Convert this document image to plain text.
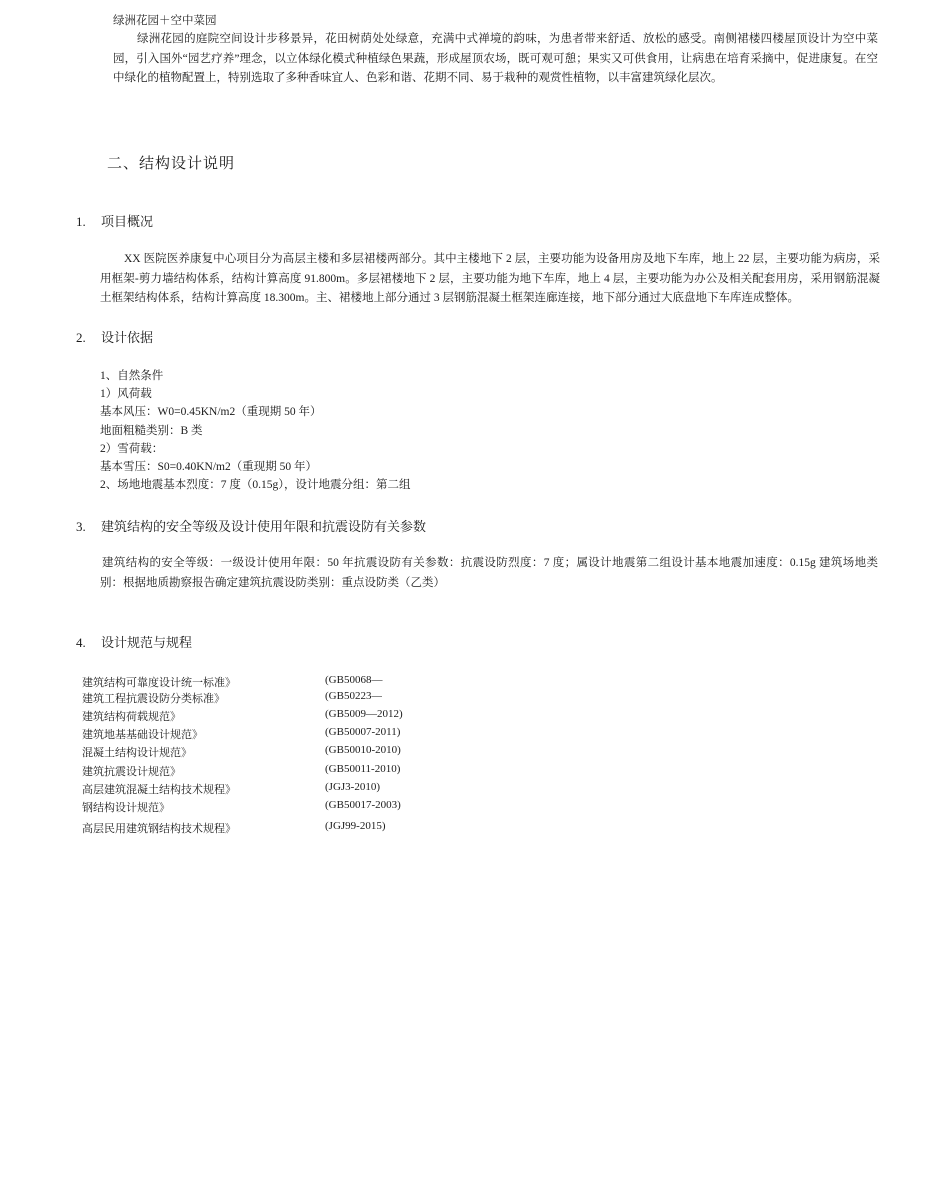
绿洲花园＋空中菜园
绿洲花园的庭院空间设计步移景异，花田树荫处处绿意，充满中式禅境的韵味，为患者带来舒适、放松的感受。南侧裙楼四楼屋顶设计为空中菜园，引入国外“园艺疗养”理念，以立体绿化模式种植绿色果蔬，形成屋顶农场，既可观可憩；果实又可供食用，让病患在培育采摘中，促进康复。在空中绿化的植物配置上，特别选取了多种香味宜人、色彩和谐、花期不同、易于栽种的观赏性植物，以丰富建筑绿化层次。
二、结构设计说明
1. 项目概况
XX 医院医养康复中心项目分为高层主楼和多层裙楼两部分。其中主楼地下 2 层，主要功能为设备用房及地下车库，地上 22 层，主要功能为病房，采用框架-剪力墙结构体系，结构计算高度 91.800m。多层裙楼地下 2 层，主要功能为地下车库，地上 4 层，主要功能为办公及相关配套用房，采用钢筋混凝土框架结构体系，结构计算高度 18.300m。主、裙楼地上部分通过 3 层钢筋混凝土框架连廊连接，地下部分通过大底盘地下车库连成整体。
2. 设计依据
1、自然条件
1）风荷载
基本风压：W0=0.45KN/m2（重现期 50 年）
地面粗糙类别：B 类
2）雪荷载：
基本雪压：S0=0.40KN/m2（重现期 50 年）
2、场地地震基本烈度：7 度（0.15g），设计地震分组：第二组
3. 建筑结构的安全等级及设计使用年限和抗震设防有关参数
建筑结构的安全等级：一级设计使用年限：50 年抗震设防有关参数：抗震设防烈度：7 度；属设计地震第二组设计基本地震加速度：0.15g 建筑场地类别：根据地质勘察报告确定建筑抗震设防类别：重点设防类（乙类）
4. 设计规范与规程
建筑结构可靠度设计统一标准》	(GB50068—
建筑工程抗震设防分类标准》	(GB50223—
建筑结构荷载规范》	(GB5009—2012)
建筑地基基础设计规范》	(GB50007-2011)
混凝土结构设计规范》	(GB50010-2010)
建筑抗震设计规范》	(GB50011-2010)
高层建筑混凝土结构技术规程》	(JGJ3-2010)
钢结构设计规范》	(GB50017-2003)
高层民用建筑钢结构技术规程》	(JGJ99-2015)
